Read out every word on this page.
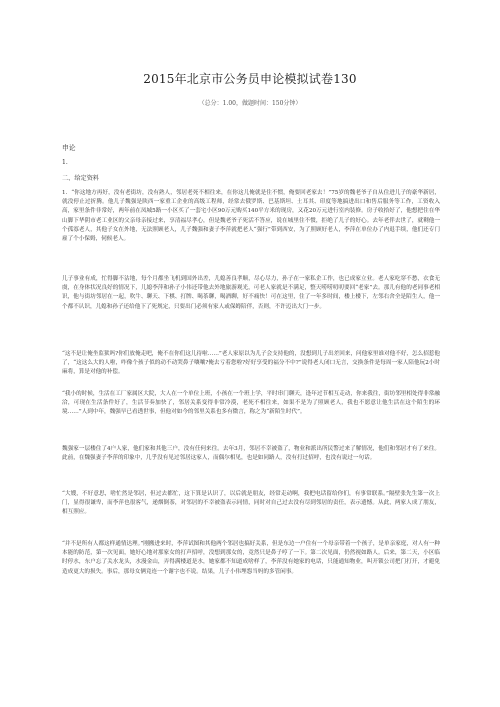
2015年北京市公务员申论模拟试卷130
（总分：1.00，做题时间：150分钟）
申论
1.
二、给定资料

1．“你这地方再好，没有老街坊，没有熟人，邻居老死不相往来，在你这儿俺就是住不惯，俺要回老家去！”75岁的魏老爷子自从住进儿子的豪华新居，就没停止过折腾。他儿子魏强是陕西一家重工企业的高级工程师，经常去俄罗斯、巴基斯坦、土耳其、印度等地搞进出口和售后服务等工作，工资收入高，家里条件非常好，两年前在凤城5路一小区买了一套宅小区90万元购买140平方米的现房，又花20万元进行室内装修。房子收拾好了，他想把住在华山脚下华阴市老工业区的父亲母亲接过来，享清福尽孝心，但是魏老爷子死活不答应，说在城里住不惯，拒绝了儿子的好心。去年老伴去世了，就剩他一个孤寡老人，其他子女在外地，无法照顾老人，儿子魏强和妻子李萍就把老人“强行”带到西安，为了照顾好老人，李萍在单位办了内退手续，他们还专门雇了个小保姆，伺候老人。

儿子事业有成，忙得脚不沾地，每个月都坐飞机到国外出差，儿媳善良孝顺，尽心尽力，孙子在一家私企工作，也已成家立业。老人家吃穿不愁，衣食无虞，在身体状况良好的情况下，儿媳李萍和孙子小伟还带他去外地旅游观光，可老人家就是不满足，整天唠唠叨叨要回“老家”去。那儿有他的老同事老相识，他与街坊邻居在一起，吹牛、聊天、下棋、打牌、喝茶聊，喝酒聊，好不痛快！可在这里，住了一年多时间，楼上楼下，左邻右舍全是陌生人，他一个都不认识，儿媳和孙子还给他下了死规定，只要出门必须有家人或保姆陪伴，否则，不许迈出大门一步。

“这不是让俺坐监狱吗?你们放俺走吧，俺不在你们这儿待啦……”老人家原以为儿子会支持他的，没想到儿子出差回来，问他家里谁对他不好，怎么招惹他了，“这这么大的人啦，咋像个孩子似的动不动哭鼻子嚷嚷?俺去亏着您啦?好好享受的福分不中?”说得老人闭口无言，交换条件是每周一家人陪他玩2小时麻将，算是对他的补偿。

“我小的时候，生活在工厂家属区大院，大人在一个单位上班，小孩在一个班上学，平时串门聊天，逢年过节相互走动，你来我往，街坊邻里相处得非常融洽，可现在生活条件好了，生活节奏加快了，邻居关系变得非常冷漠，老死不相往来，如果不是为了照顾老人，我也不愿意让他生活在这个陌生的环境……”人到中年，魏强早已看透世事，但他对如今的邻里关系也多有微言，称之为“新陌生时代”。

魏强家一层楼住了4户人家，他们家和其他三户，没有任何来往。去年3月，邻居不幸被盗了，物业和派出所民警过来了解情况，他们和邻居才有了来往。此前，在魏强妻子李萍的印象中，几乎没有见过邻居这家人，而偶尔相见，也是如同路人，没有打过招呼，也没有说过一句话。

“大嫂，不好意思，啥忙然是邻居，但过去都忙，这下算是认识了，以后就是朋友，经常走动啊，我把电话留给你们，有事常联系。”隔壁张先生第一次上门，显得很谦卑，而李萍也很客气，递烟倒茶，对邻居的不幸被盗表示同情，同时对自己过去没有尽到邻居的责任，表示遗憾。从此，两家人成了朋友，相互照应。

“并不是所有人都这样通情达理。”刚搬进来时，李萍试图和其他两个邻居也搞好关系，但是东边一户住有一个母亲带着一个孩子，是单亲家庭，对人有一种本能的防范，第一次见面，她好心地对那家女的打声招呼，没想到那女的，竟然只是鼻子哼了一下。第二次见面，仍然视如路人。后来，第二天，小区临时停水，东户忘了关水龙头，水漫金山，弄得满楼道是水，她家都不知道成啥样了，李萍没有她家的电话，只能通知物业，叫开锁公司把门打开，才避免造成更大的损失。事后，那母女俩竟连一个谢字也不说。结果，儿子小伟埋怨当妈的多管闲事。
